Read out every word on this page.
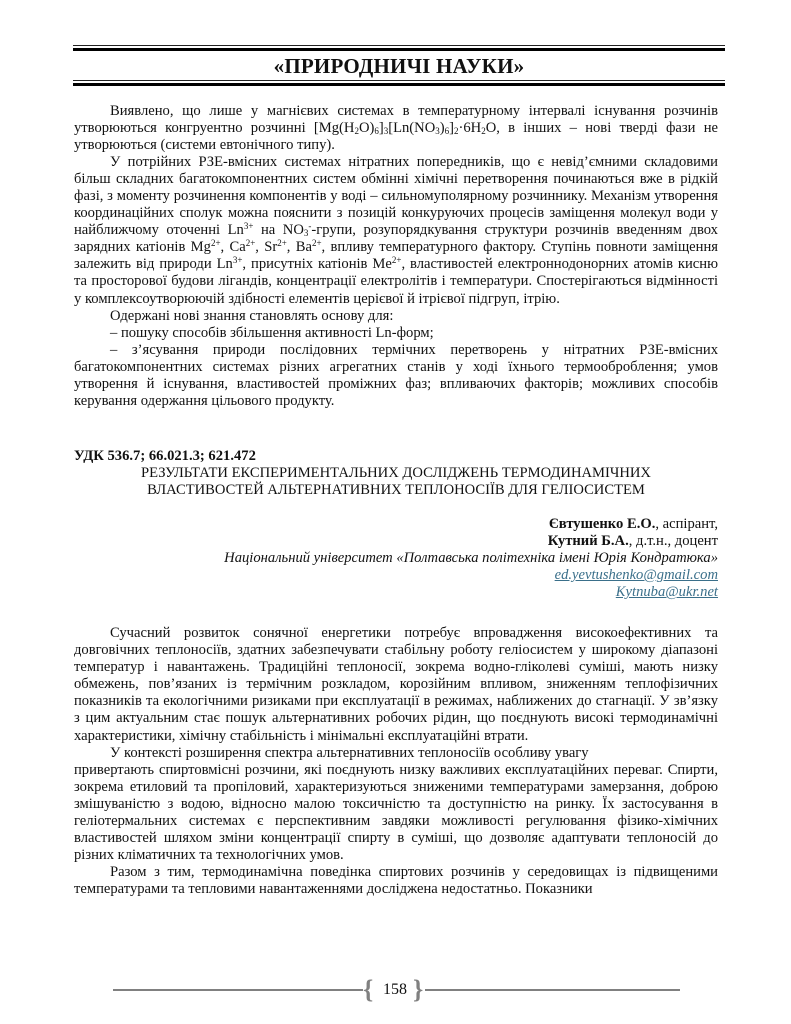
«ПРИРОДНИЧІ НАУКИ»

Виявлено, що лише у магнієвих системах в температурному інтервалі існування розчинів утворюються конгруентно розчинні $[Mg(H_2O)_6]_3[Ln(NO_3)_6]_2\cdot 6H_2O$, в інших – нові тверді фази не утворюються (системи евтонічного типу).

У потрійних РЗЕ-вмісних системах нітратних попередників, що є невід’ємними складовими більш складних багатокомпонентних систем обмінні хімічні перетворення починаються вже в рідкій фазі, з моменту розчинення компонентів у воді – сильномуполярному розчиннику. Механізм утворення координаційних сполук можна пояснити з позицій конкуруючих процесів заміщення молекул води у найближчому оточенні $Ln^{3+}$ на $NO_3^-$-групи, розупорядкування структури розчинів введенням двох зарядних катіонів $Mg^{2+}$, $Ca^{2+}$, $Sr^{2+}$, $Ba^{2+}$, впливу температурного фактору. Ступінь повноти заміщення залежить від природи $Ln^{3+}$, присутніх катіонів $Me^{2+}$, властивостей електроннодонорних атомів кисню та просторової будови лігандів, концентрації електролітів і температури. Спостерігаються відмінності у комплексоутворюючій здібності елементів церієвої й ітрієвої підгруп, ітрію.

Одержані нові знання становлять основу для:

– пошуку способів збільшення активності Ln-форм;

– з’ясування природи послідовних термічних перетворень у нітратних РЗЕ-вмісних багатокомпонентних системах різних агрегатних станів у ході їхнього термооброблення; умов утворення й існування, властивостей проміжних фаз; впливаючих факторів; можливих способів керування одержання цільового продукту.

УДК 536.7; 66.021.3; 621.472

РЕЗУЛЬТАТИ ЕКСПЕРИМЕНТАЛЬНИХ ДОСЛІДЖЕНЬ ТЕРМОДИНАМІЧНИХ

ВЛАСТИВОСТЕЙ АЛЬТЕРНАТИВНИХ ТЕПЛОНОСІЇВ ДЛЯ ГЕЛІОСИСТЕМ

Євтушенко Е.О., аспірант,

Кутний Б.А., д.т.н., доцент

Національний університет «Полтавська політехніка імені Юрія Кондратюка»

ed.yevtushenko@gmail.com

Kytnuba@ukr.net

Сучасний розвиток сонячної енергетики потребує впровадження високоефективних та довговічних теплоносіїв, здатних забезпечувати стабільну роботу геліосистем у широкому діапазоні температур і навантажень. Традиційні теплоносії, зокрема водно-гліколеві суміші, мають низку обмежень, пов’язаних із термічним розкладом, корозійним впливом, зниженням теплофізичних показників та екологічними ризиками при експлуатації в режимах, наближених до стагнації. У зв’язку з цим актуальним стає пошук альтернативних робочих рідин, що поєднують високі термодинамічні характеристики, хімічну стабільність і мінімальні експлуатаційні втрати.

У контексті розширення спектра альтернативних теплоносіїв особливу увагу

привертають спиртовмісні розчини, які поєднують низку важливих експлуатаційних переваг. Спирти, зокрема етиловий та пропіловий, характеризуються зниженими температурами замерзання, доброю змішуваністю з водою, відносно малою токсичністю та доступністю на ринку. Їх застосування в геліотермальних системах є перспективним завдяки можливості регулювання фізико-хімічних властивостей шляхом зміни концентрації спирту в суміші, що дозволяє адаптувати теплоносій до різних кліматичних та технологічних умов.

Разом з тим, термодинамічна поведінка спиртових розчинів у середовищах із підвищеними температурами та тепловими навантаженнями досліджена недостатньо. Показники

{ 158 }
